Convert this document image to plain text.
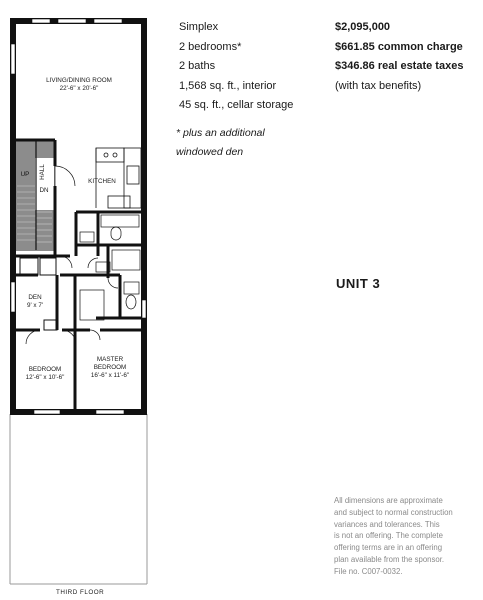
LIVING/DINING ROOM
22'-6" x 20'-6"
KITCHEN
UP
DN
HALL
DEN
9' x 7'
BEDROOM
12'-6" x 10'-6"
MASTER
BEDROOM
16'-6" x 11'-6"
THIRD FLOOR
Simplex
2 bedrooms*
2 baths
1,568 sq. ft., interior
45 sq. ft., cellar storage
$2,095,000
$661.85 common charge
$346.86 real estate taxes
(with tax benefits)
* plus an additional
windowed den
UNIT 3
All dimensions are approximate
and subject to normal construction
variances and tolerances. This
is not an offering. The complete
offering terms are in an offering
plan available from the sponsor.
File no. C007-0032.
